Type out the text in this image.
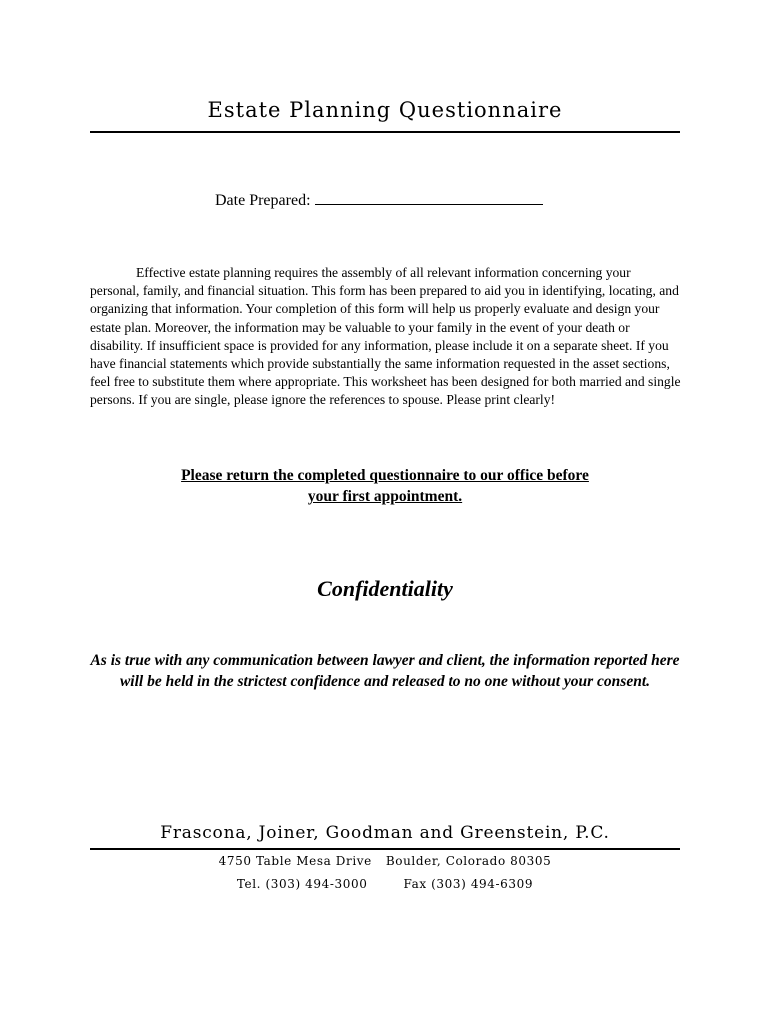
Estate Planning Questionnaire
Date Prepared:
Effective estate planning requires the assembly of all relevant information concerning your personal, family, and financial situation. This form has been prepared to aid you in identifying, locating, and organizing that information. Your completion of this form will help us properly evaluate and design your estate plan. Moreover, the information may be valuable to your family in the event of your death or disability. If insufficient space is provided for any information, please include it on a separate sheet. If you have financial statements which provide substantially the same information requested in the asset sections, feel free to substitute them where appropriate. This worksheet has been designed for both married and single persons. If you are single, please ignore the references to spouse. Please print clearly!
Please return the completed questionnaire to our office before
your first appointment.
Confidentiality
As is true with any communication between lawyer and client, the information reported here will be held in the strictest confidence and released to no one without your consent.
Frascona, Joiner, Goodman and Greenstein, P.C.
4750 Table Mesa Drive Boulder, Colorado 80305
Tel. (303) 494-3000	Fax (303) 494-6309
